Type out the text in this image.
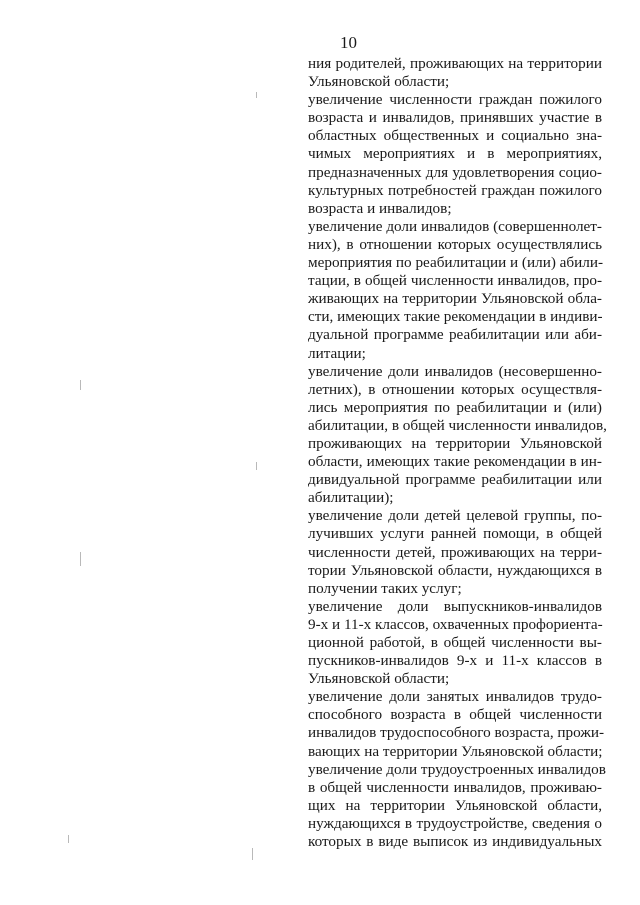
10
ния родителей, проживающих на территории
Ульяновской области;
увеличение численности граждан пожилого
возраста и инвалидов, принявших участие в
областных общественных и социально зна-
чимых мероприятиях и в мероприятиях,
предназначенных для удовлетворения социо-
культурных потребностей граждан пожилого
возраста и инвалидов;
увеличение доли инвалидов (совершеннолет-
них), в отношении которых осуществлялись
мероприятия по реабилитации и (или) абили-
тации, в общей численности инвалидов, про-
живающих на территории Ульяновской обла-
сти, имеющих такие рекомендации в индиви-
дуальной программе реабилитации или аби-
литации;
увеличение доли инвалидов (несовершенно-
летних), в отношении которых осуществля-
лись мероприятия по реабилитации и (или)
абилитации, в общей численности инвалидов,
проживающих на территории Ульяновской
области, имеющих такие рекомендации в ин-
дивидуальной программе реабилитации или
абилитации);
увеличение доли детей целевой группы, по-
лучивших услуги ранней помощи, в общей
численности детей, проживающих на терри-
тории Ульяновской области, нуждающихся в
получении таких услуг;
увеличение доли выпускников-инвалидов
9-х и 11-х классов, охваченных профориента-
ционной работой, в общей численности вы-
пускников-инвалидов 9-х и 11-х классов в
Ульяновской области;
увеличение доли занятых инвалидов трудо-
способного возраста в общей численности
инвалидов трудоспособного возраста, прожи-
вающих на территории Ульяновской области;
увеличение доли трудоустроенных инвалидов
в общей численности инвалидов, проживаю-
щих на территории Ульяновской области,
нуждающихся в трудоустройстве, сведения о
которых в виде выписок из индивидуальных
